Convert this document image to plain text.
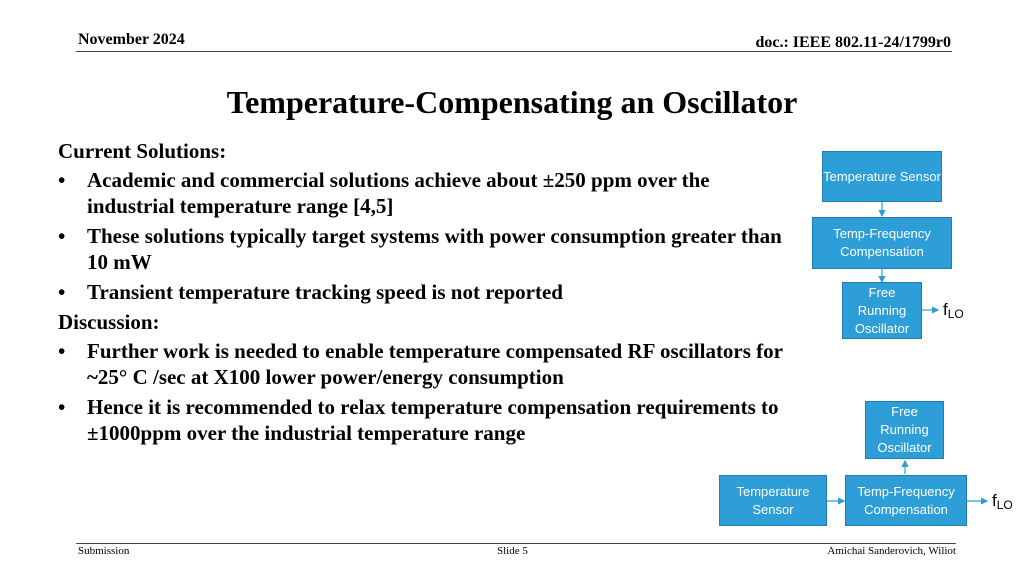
November 2024	doc.: IEEE 802.11-24/1799r0
Temperature-Compensating an Oscillator
Current Solutions:
• Academic and commercial solutions achieve about ±250 ppm over the industrial temperature range [4,5]
• These solutions typically target systems with power consumption greater than 10 mW
• Transient temperature tracking speed is not reported
Discussion:
• Further work is needed to enable temperature compensated RF oscillators for ~25° C /sec at X100 lower power/energy consumption
• Hence it is recommended to relax temperature compensation requirements to ±1000ppm over the industrial temperature range
Temperature Sensor
Temp-Frequency Compensation
Free Running Oscillator
$f_{LO}$
Free Running Oscillator
Temperature Sensor
Temp-Frequency Compensation	$f_{LO}$
Submission	Slide 5	Amichai Sanderovich, Wiliot
